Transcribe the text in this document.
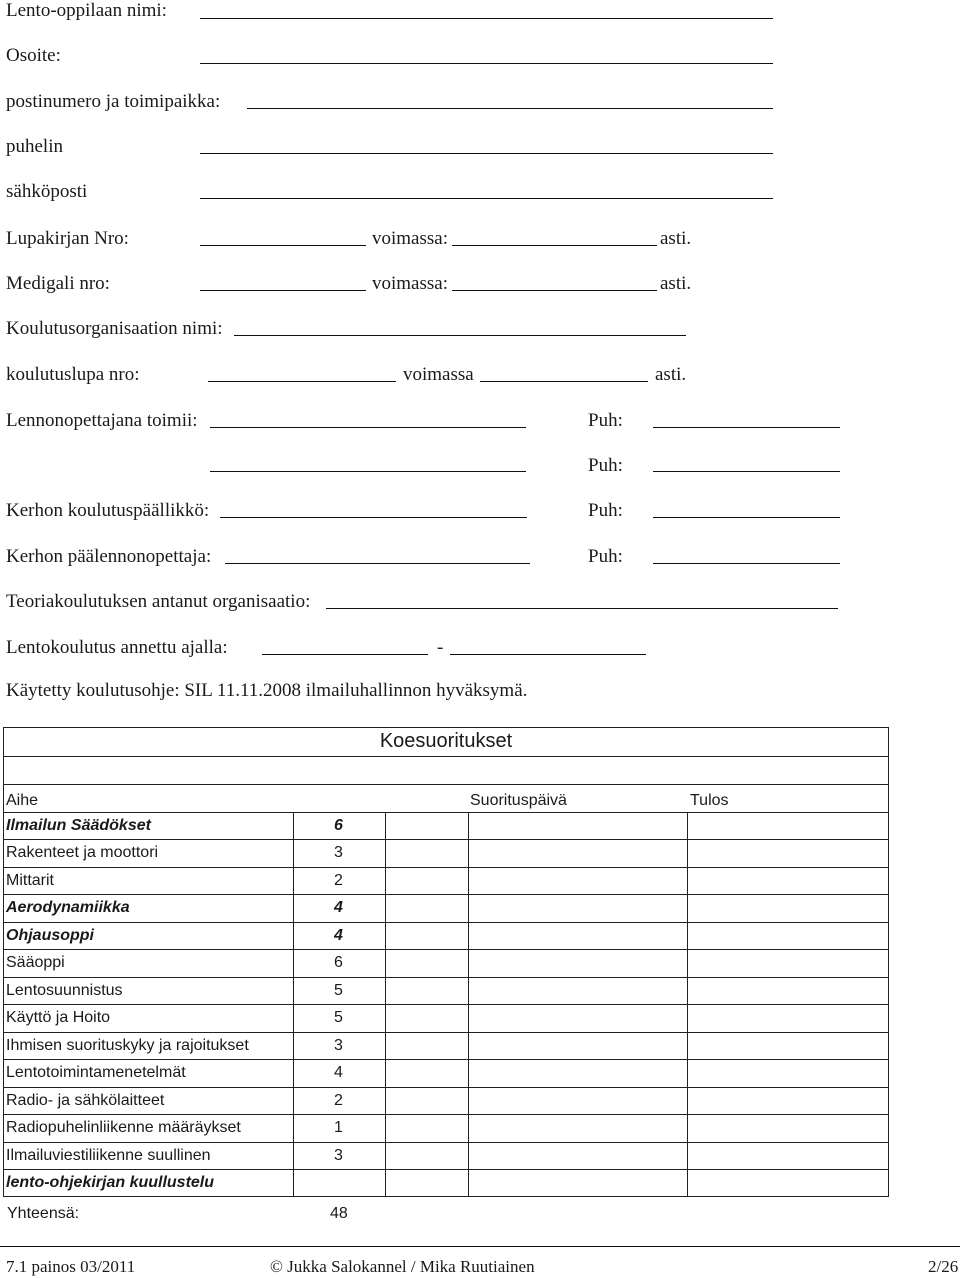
Lento-oppilaan nimi:
Osoite:
postinumero ja toimipaikka:
puhelin
sähköposti
Lupakirjan Nro:	voimassa:	asti.
Medigali nro:	voimassa:	asti.
Koulutusorganisaation nimi:
koulutuslupa nro:	voimassa	asti.
Lennonopettajana toimii:	Puh:
Puh:
Kerhon koulutuspäällikkö:	Puh:
Kerhon päälennonopettaja:	Puh:
Teoriakoulutuksen antanut organisaatio:
Lentokoulutus annettu ajalla:	-
Käytetty koulutusohje: SIL 11.11.2008 ilmailuhallinnon hyväksymä.
Koesuoritukset
Aihe	Suorituspäivä	Tulos
Ilmailun Säädökset	6
Rakenteet ja moottori	3
Mittarit	2
Aerodynamiikka	4
Ohjausoppi	4
Sääoppi	6
Lentosuunnistus	5
Käyttö ja Hoito	5
Ihmisen suorituskyky ja rajoitukset	3
Lentotoimintamenetelmät	4
Radio- ja sähkölaitteet	2
Radiopuhelinliikenne määräykset	1
Ilmailuviestiliikenne suullinen	3
lento-ohjekirjan kuullustelu
Yhteensä:	48
7.1 painos 03/2011	© Jukka Salokannel / Mika Ruutiainen	2/26
